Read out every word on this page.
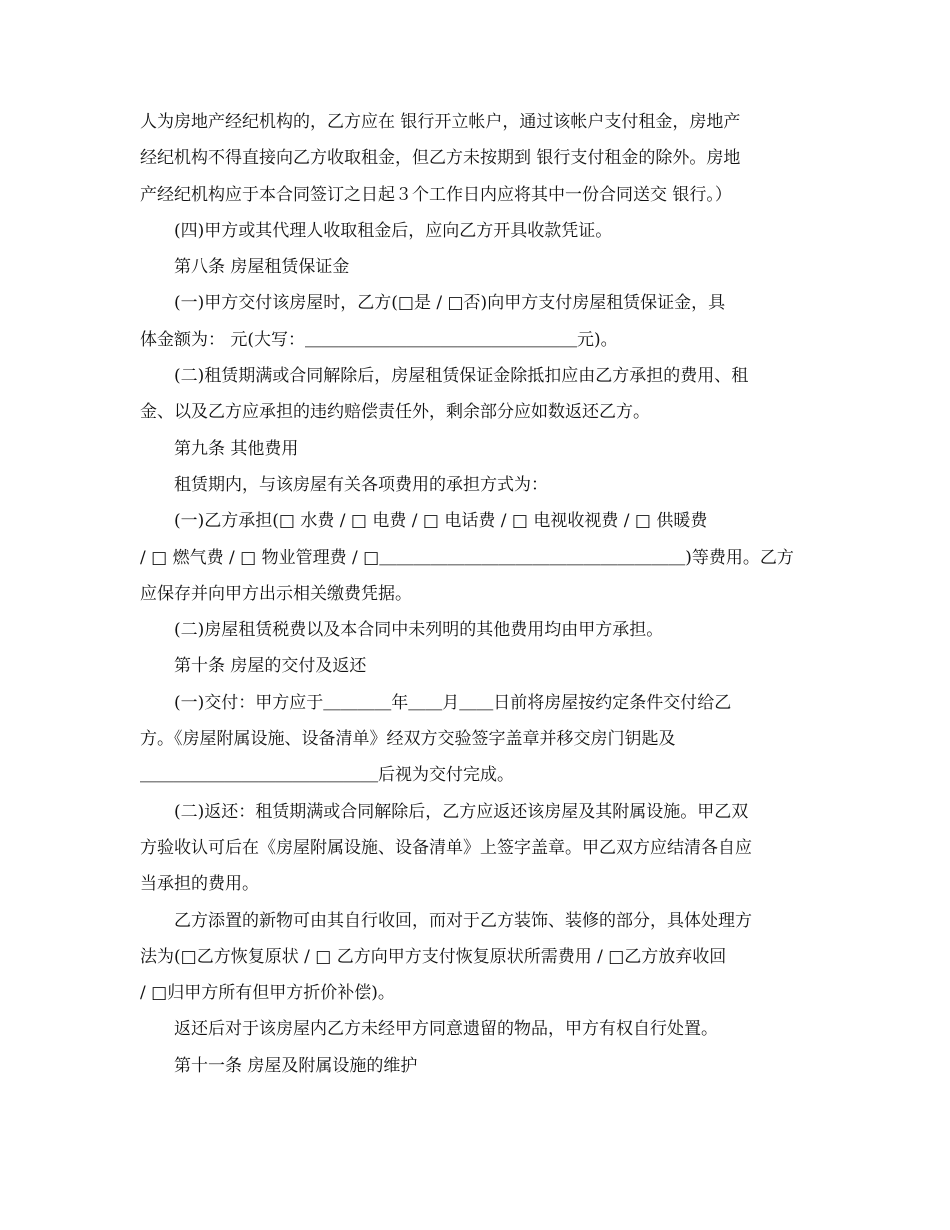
人为房地产经纪机构的，乙方应在 银行开立帐户，通过该帐户支付租金，房地产
经纪机构不得直接向乙方收取租金，但乙方未按期到 银行支付租金的除外。房地
产经纪机构应于本合同签订之日起３个工作日内应将其中一份合同送交 银行。）
(四)甲方或其代理人收取租金后，应向乙方开具收款凭证。
第八条 房屋租赁保证金
(一)甲方交付该房屋时，乙方(□是 / □否)向甲方支付房屋租赁保证金，具
体金额为： 元(大写：＿＿＿＿＿＿＿＿＿＿＿＿＿＿＿＿元)。
(二)租赁期满或合同解除后，房屋租赁保证金除抵扣应由乙方承担的费用、租
金、以及乙方应承担的违约赔偿责任外，剩余部分应如数返还乙方。
第九条 其他费用
租赁期内，与该房屋有关各项费用的承担方式为：
(一)乙方承担(□ 水费 / □ 电费 / □ 电话费 / □ 电视收视费 / □ 供暖费
/ □ 燃气费 / □ 物业管理费 / □＿＿＿＿＿＿＿＿＿＿＿＿＿＿＿＿＿＿)等费用。乙方
应保存并向甲方出示相关缴费凭据。
(二)房屋租赁税费以及本合同中未列明的其他费用均由甲方承担。
第十条 房屋的交付及返还
(一)交付：甲方应于＿＿＿＿年＿＿月＿＿日前将房屋按约定条件交付给乙
方。《房屋附属设施、设备清单》经双方交验签字盖章并移交房门钥匙及
＿＿＿＿＿＿＿＿＿＿＿＿＿＿后视为交付完成。
(二)返还：租赁期满或合同解除后，乙方应返还该房屋及其附属设施。甲乙双
方验收认可后在《房屋附属设施、设备清单》上签字盖章。甲乙双方应结清各自应
当承担的费用。
乙方添置的新物可由其自行收回，而对于乙方装饰、装修的部分，具体处理方
法为(□乙方恢复原状 / □ 乙方向甲方支付恢复原状所需费用 / □乙方放弃收回
/ □归甲方所有但甲方折价补偿)。
返还后对于该房屋内乙方未经甲方同意遗留的物品，甲方有权自行处置。
第十一条 房屋及附属设施的维护
